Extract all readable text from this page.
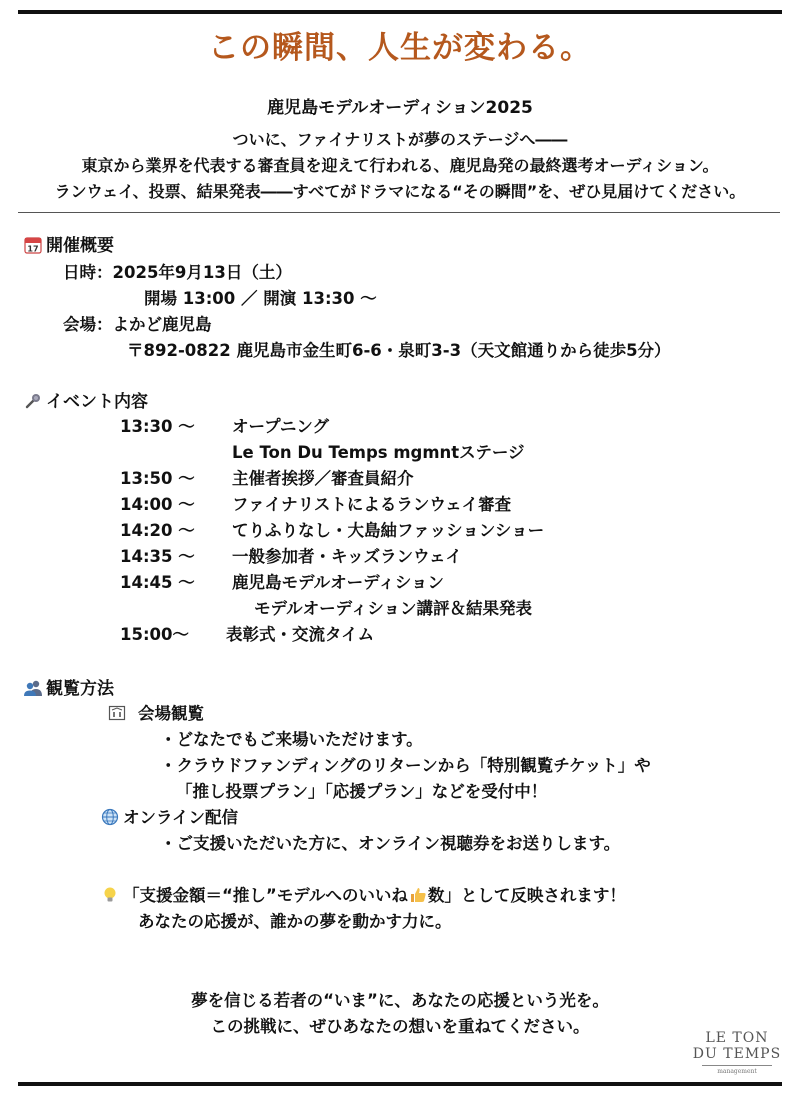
この瞬間、人生が変わる。
鹿児島モデルオーディション2025
ついに、ファイナリストが夢のステージへ――
東京から業界を代表する審査員を迎えて行われる、鹿児島発の最終選考オーディション。
ランウェイ、投票、結果発表――すべてがドラマになる“その瞬間”を、ぜひ見届けてください。
17 開催概要
日時：2025年9月13日（土）
開場 13:00 ／ 開演 13:30 〜
会場：よかど鹿児島
〒892-0822 鹿児島市金生町6-6・泉町3-3（天文館通りから徒歩5分）
イベント内容
13:30 〜 オープニング
Le Ton Du Temps mgmntステージ
13:50 〜 主催者挨拶／審査員紹介
14:00 〜 ファイナリストによるランウェイ審査
14:20 〜 てりふりなし・大島紬ファッションショー
14:35 〜 一般参加者・キッズランウェイ
14:45 〜 鹿児島モデルオーディション
モデルオーディション講評＆結果発表
15:00〜 表彰式・交流タイム
観覧方法
会場観覧
・どなたでもご来場いただけます。
・クラウドファンディングのリターンから「特別観覧チケット」や
「推し投票プラン」「応援プラン」などを受付中！
オンライン配信
・ご支援いただいた方に、オンライン視聴券をお送りします。
「支援金額＝“推し”モデルへのいいね 数」として反映されます！
あなたの応援が、誰かの夢を動かす力に。
夢を信じる若者の“いま”に、あなたの応援という光を。
この挑戦に、ぜひあなたの想いを重ねてください。
LE TON
DU TEMPS
management
